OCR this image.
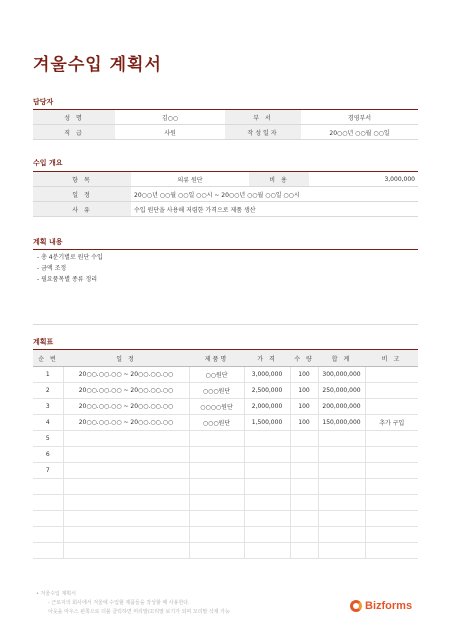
겨울수입 계획서
담당자
성 명	김○○	부 서	경영부서
직 급	사원	작성일자	20○○년 ○○월 ○○일
수입 개요
항 목	의류 원단	비 용	3,000,000
일 정	20○○년 ○○월 ○○일 ○○시 ~ 20○○년 ○○월 ○○일 ○○시		
사 유	수입 원단을 사용해 저렴한 가격으로 제품 생산		
계획 내용
- 총 4분기별로 원단 수입
- 금액 조정
- 필요품목별 종류 정리
계획표
순 번	일 정	제품명	가 격	수 량	합 계	비 고
1	20○○.○○.○○ ~ 20○○.○○.○○	○○원단	3,000,000	100	300,000,000	
2	20○○.○○.○○ ~ 20○○.○○.○○	○○○원단	2,500,000	100	250,000,000	
3	20○○.○○.○○ ~ 20○○.○○.○○	○○○○원단	2,000,000	100	200,000,000	
4	20○○.○○.○○ ~ 20○○.○○.○○	○○○원단	1,500,000	100	150,000,000	추가 구입
5						
6						
7						

• 겨울수입 계획서
- 근로자의 회사에서 겨울에 수입할 제품들을 작성할 때 사용한다.
아웃을 마우스 왼쪽으로 더블 클릭하면 머리말/꼬리말 보기가 되며 꼬리말 삭제 가능	Bizforms
